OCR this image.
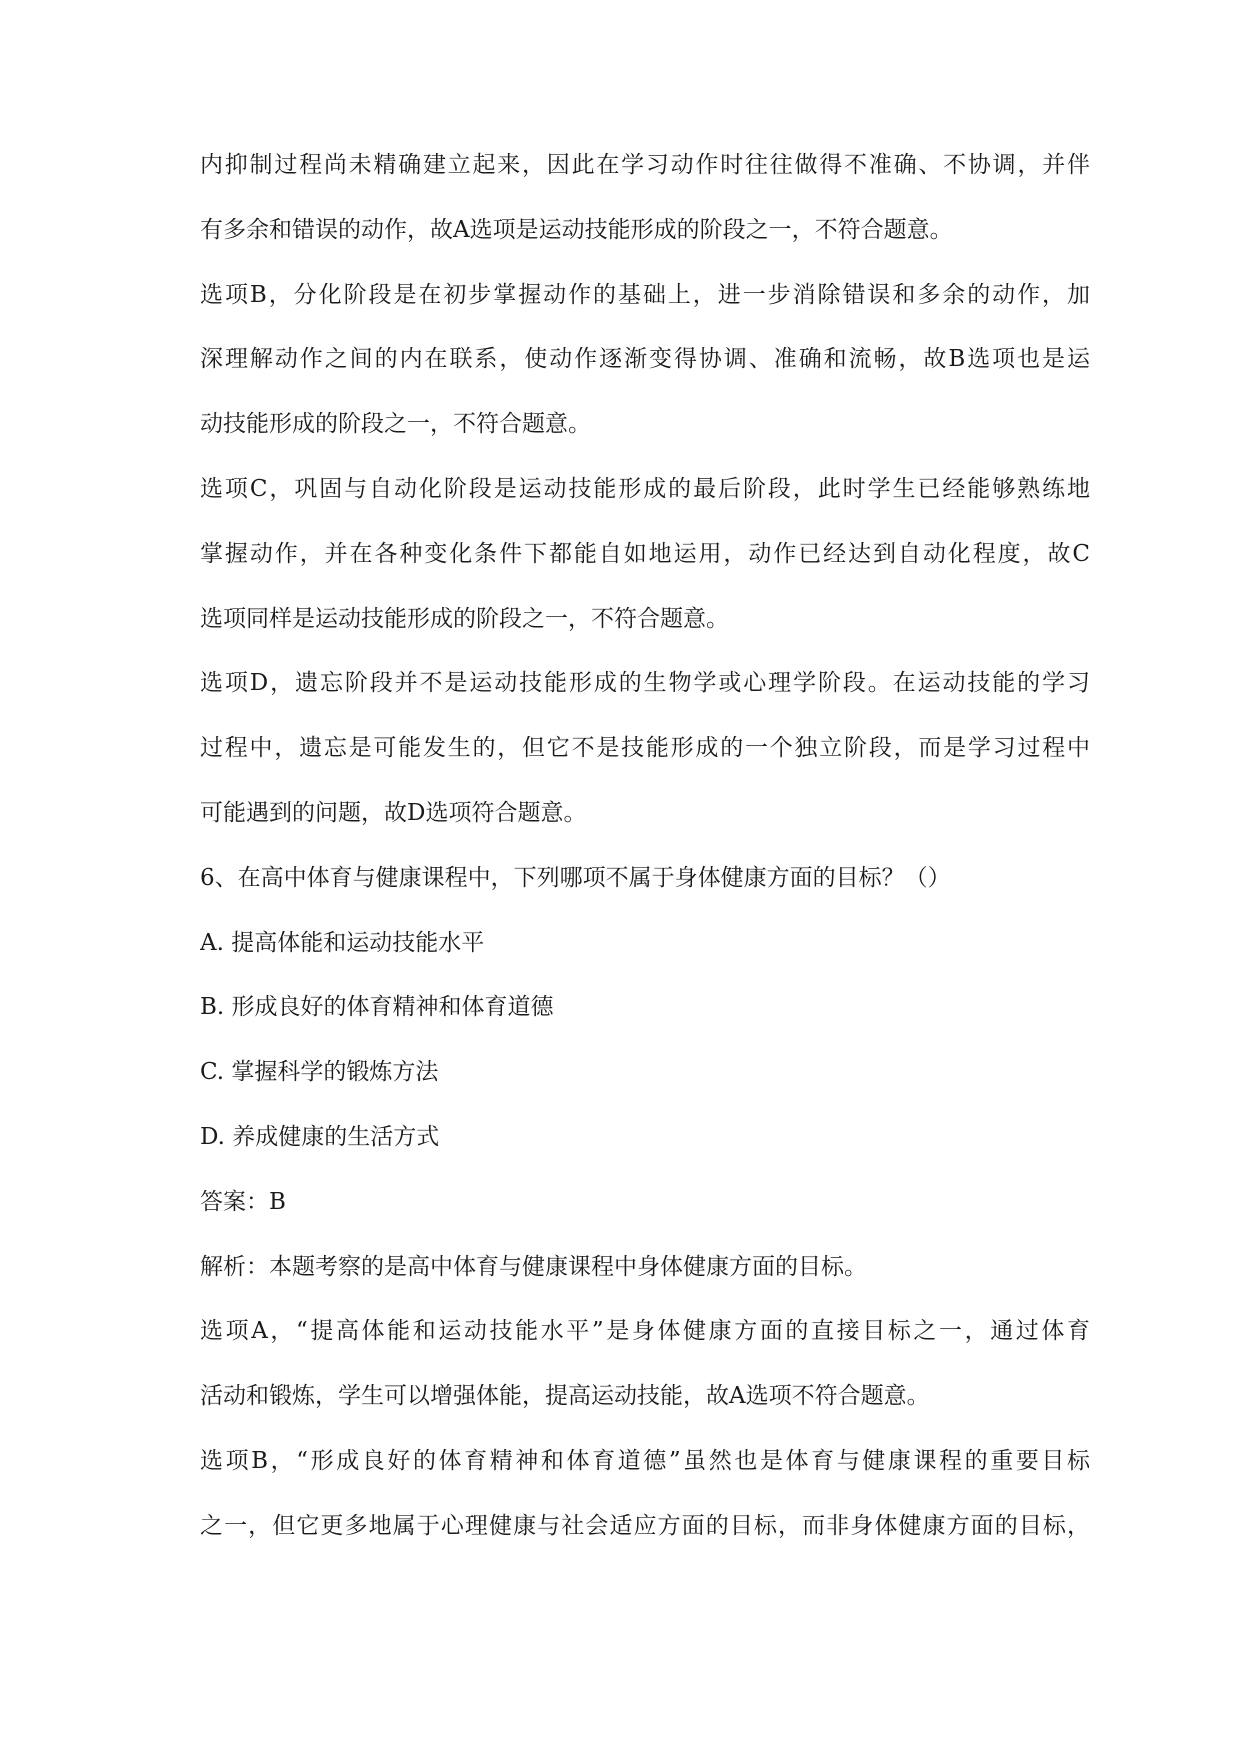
内抑制过程尚未精确建立起来，因此在学习动作时往往做得不准确、不协调，并伴
有多余和错误的动作，故A选项是运动技能形成的阶段之一，不符合题意。
选项B，分化阶段是在初步掌握动作的基础上，进一步消除错误和多余的动作，加
深理解动作之间的内在联系，使动作逐渐变得协调、准确和流畅，故B选项也是运
动技能形成的阶段之一，不符合题意。
选项C，巩固与自动化阶段是运动技能形成的最后阶段，此时学生已经能够熟练地
掌握动作，并在各种变化条件下都能自如地运用，动作已经达到自动化程度，故C
选项同样是运动技能形成的阶段之一，不符合题意。
选项D，遗忘阶段并不是运动技能形成的生物学或心理学阶段。在运动技能的学习
过程中，遗忘是可能发生的，但它不是技能形成的一个独立阶段，而是学习过程中
可能遇到的问题，故D选项符合题意。
6、在高中体育与健康课程中，下列哪项不属于身体健康方面的目标？（）
A. 提高体能和运动技能水平
B. 形成良好的体育精神和体育道德
C. 掌握科学的锻炼方法
D. 养成健康的生活方式
答案：B
解析：本题考察的是高中体育与健康课程中身体健康方面的目标。
选项A，“提高体能和运动技能水平”是身体健康方面的直接目标之一，通过体育
活动和锻炼，学生可以增强体能，提高运动技能，故A选项不符合题意。
选项B，“形成良好的体育精神和体育道德”虽然也是体育与健康课程的重要目标
之一，但它更多地属于心理健康与社会适应方面的目标，而非身体健康方面的目标，
